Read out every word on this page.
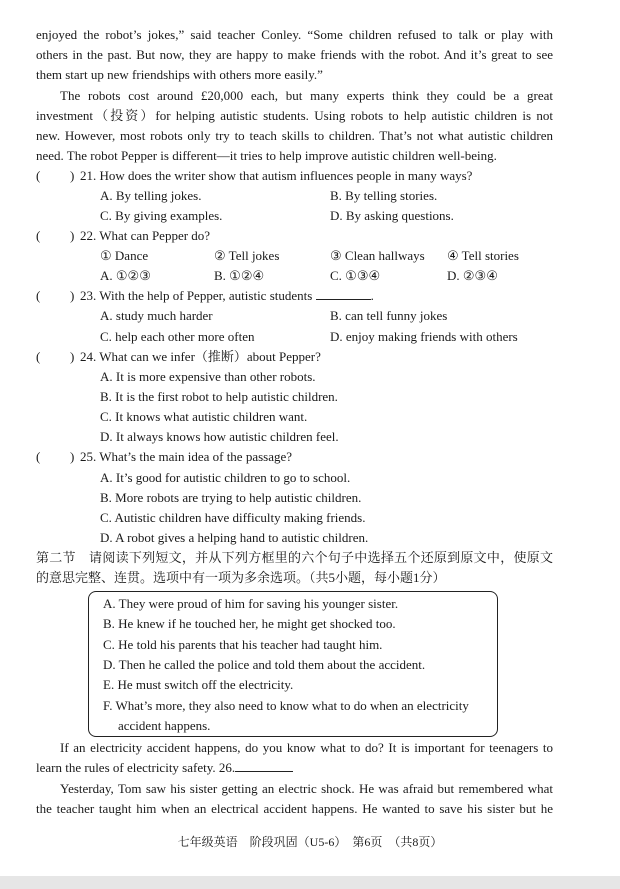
enjoyed the robot’s jokes,” said teacher Conley. “Some children refused to talk or play with
others in the past. But now, they are happy to make friends with the robot. And it’s great to see
them start up new friendships with others more easily.”
The robots cost around £20,000 each, but many experts think they could be a great
investment（投资）for helping autistic students. Using robots to help autistic children is not
new. However, most robots only try to teach skills to children. That’s not what autistic children
need. The robot Pepper is different—it tries to help improve autistic children well-being.
( ) 21. How does the writer show that autism influences people in many ways?
A. By telling jokes.	B. By telling stories.
C. By giving examples.	D. By asking questions.
( ) 22. What can Pepper do?
① Dance	② Tell jokes	③ Clean hallways ④ Tell stories
A. ①②③	B. ①②④	C. ①③④	D. ②③④
( ) 23. With the help of Pepper, autistic students	.
A. study much harder	B. can tell funny jokes
C. help each other more often	D. enjoy making friends with others
( ) 24. What can we infer（推断）about Pepper?
A. It is more expensive than other robots.
B. It is the first robot to help autistic children.
C. It knows what autistic children want.
D. It always knows how autistic children feel.
( ) 25. What’s the main idea of the passage?
A. It’s good for autistic children to go to school.
B. More robots are trying to help autistic children.
C. Autistic children have difficulty making friends.
D. A robot gives a helping hand to autistic children.
第二节　请阅读下列短文，并从下列方框里的六个句子中选择五个还原到原文中，使原文
的意思完整、连贯。选项中有一项为多余选项。（共5小题，每小题1分）
A. They were proud of him for saving his younger sister.
B. He knew if he touched her, he might get shocked too.
C. He told his parents that his teacher had taught him.
D. Then he called the police and told them about the accident.
E. He must switch off the electricity.
F. What’s more, they also need to know what to do when an electricity
accident happens.
If an electricity accident happens, do you know what to do? It is important for teenagers to
learn the rules of electricity safety. 26.
Yesterday, Tom saw his sister getting an electric shock. He was afraid but remembered what
the teacher taught him when an electrical accident happens. He wanted to save his sister but he
七年级英语　阶段巩固（U5-6）　第6页　（共8页）
